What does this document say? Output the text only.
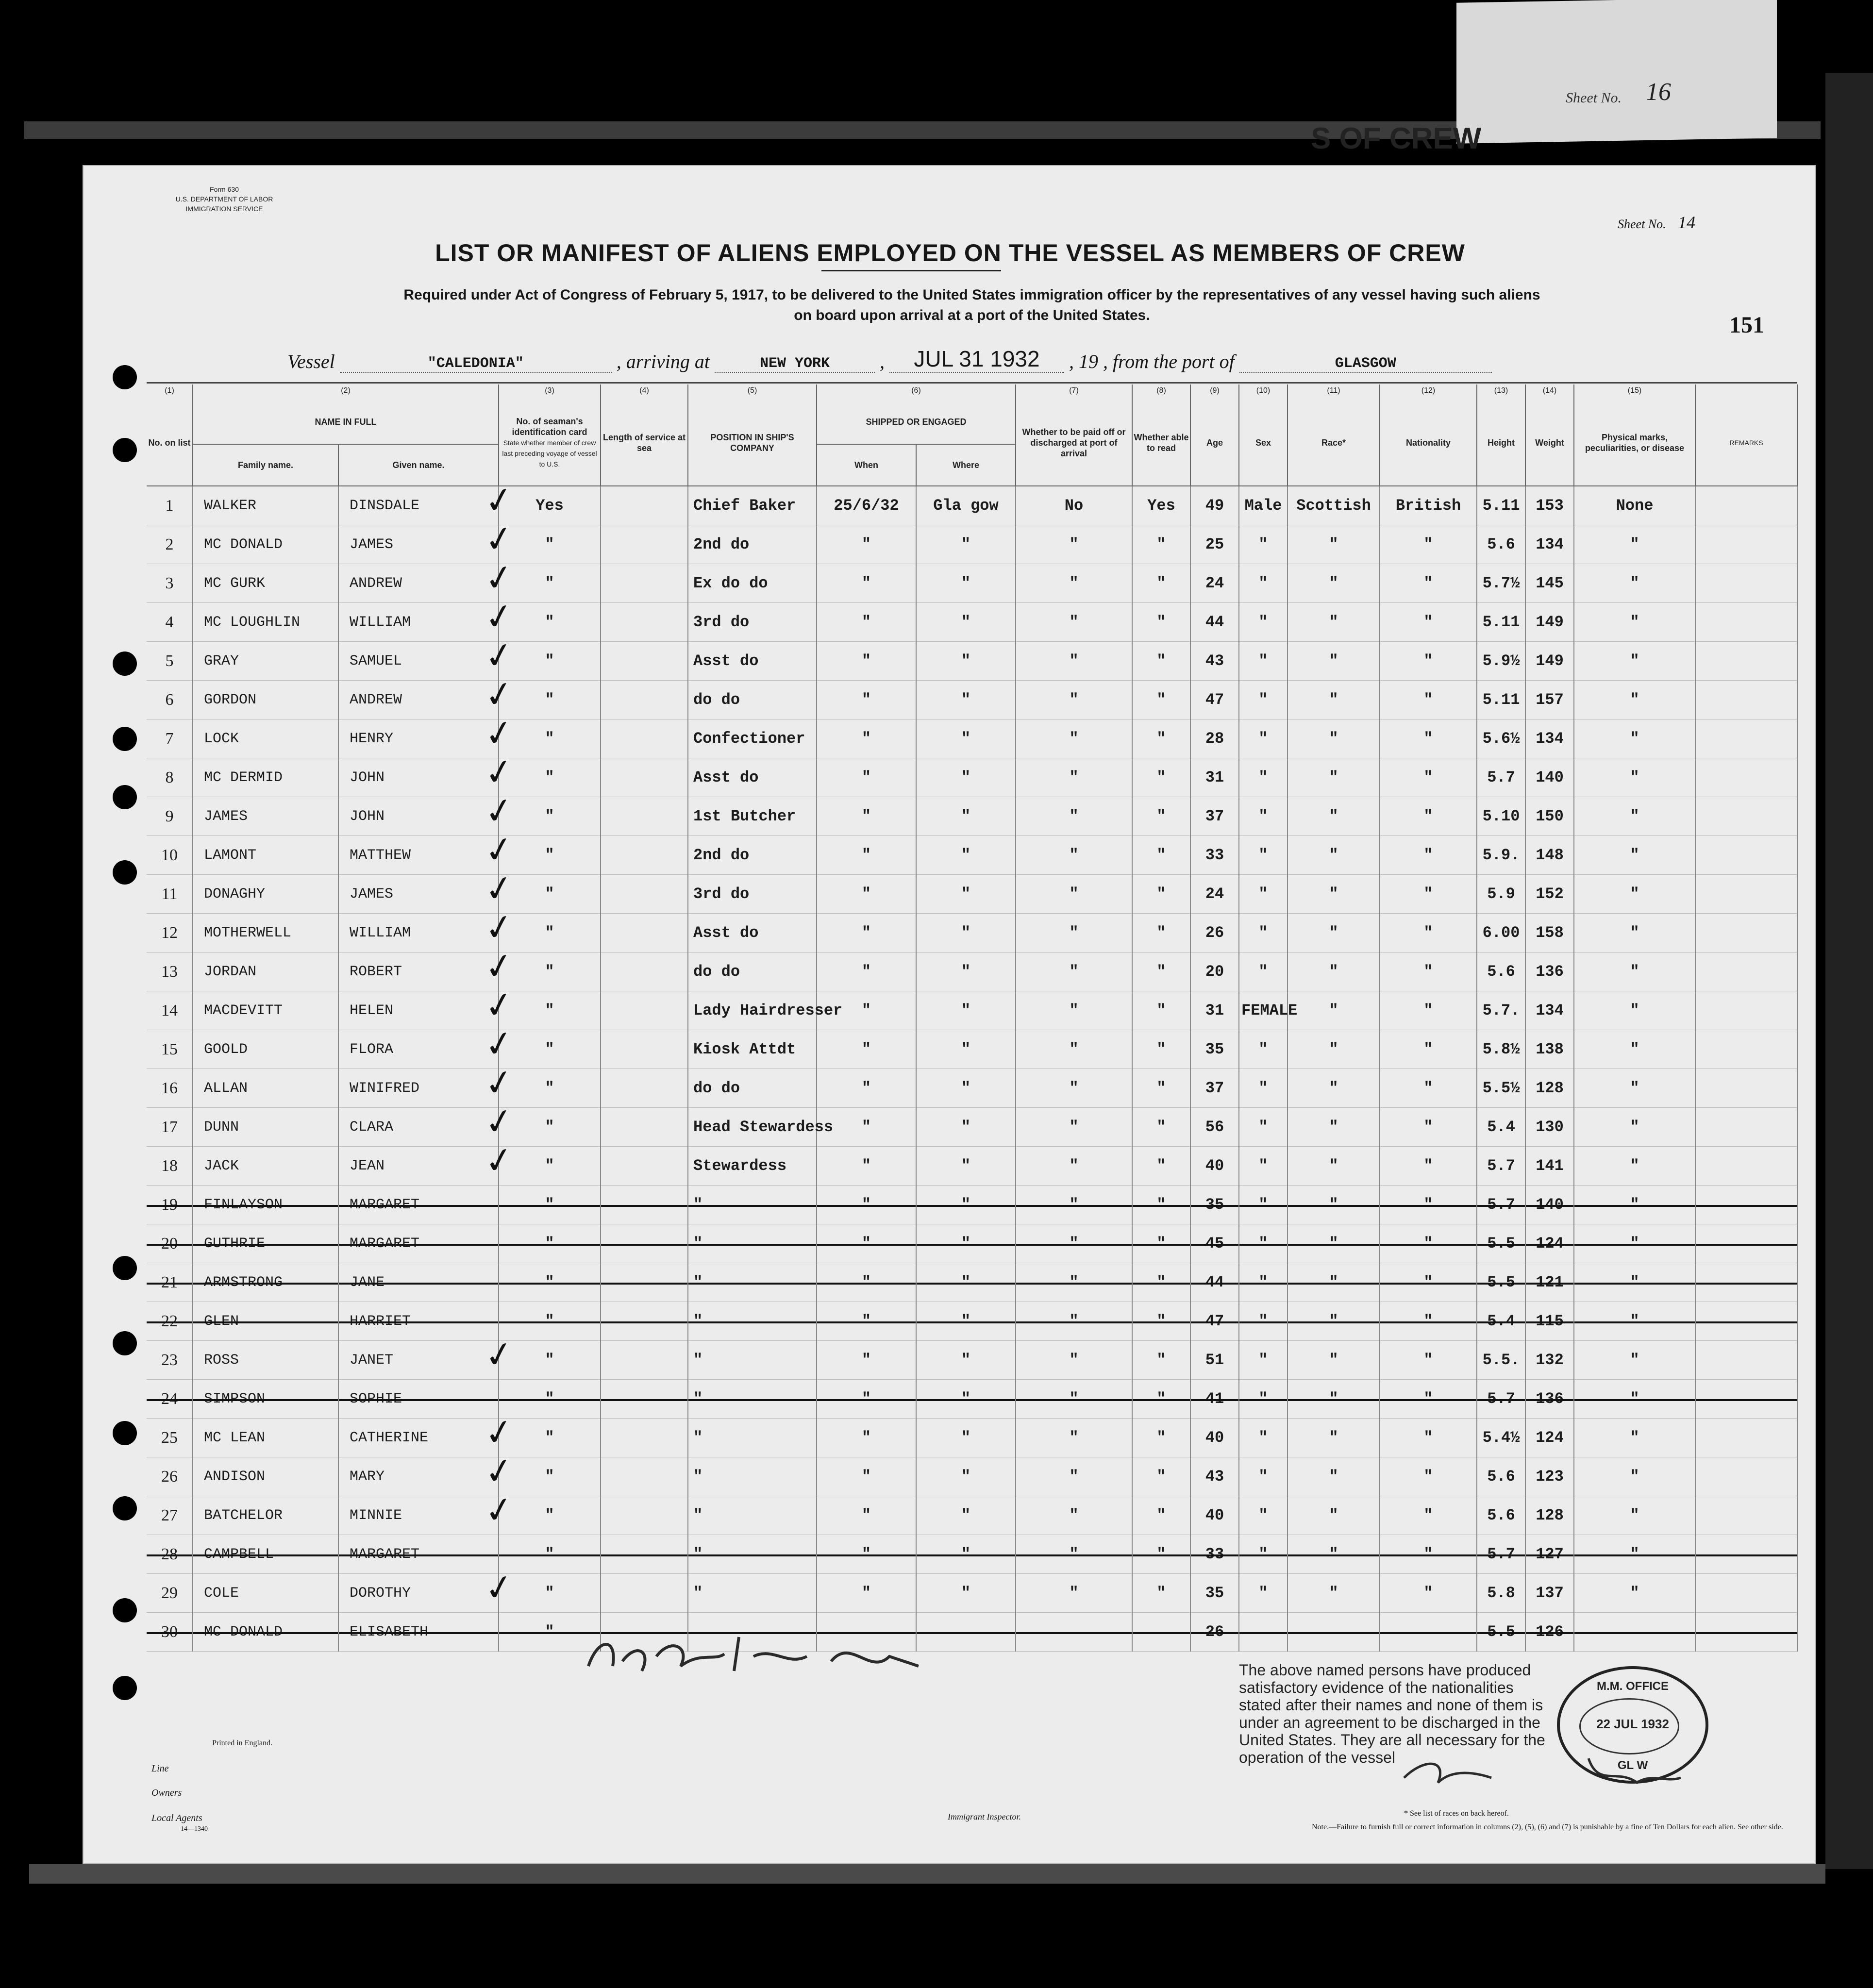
Sheet No. 16
S OF CREW
Form 630
U.S. DEPARTMENT OF LABOR
IMMIGRATION SERVICE
Sheet No. 14
LIST OR MANIFEST OF ALIENS EMPLOYED ON THE VESSEL AS MEMBERS OF CREW
Required under Act of Congress of February 5, 1917, to be delivered to the United States immigration officer by the representatives of any vessel having such aliens
on board upon arrival at a port of the United States.	151
Vessel	"CALEDONIA"	, arriving at	NEW YORK	, JUL 31 1932 , 19 , from the port of	GLASGOW
(1)	(2)		(3)	(4)	(5)	(6)		(7)	(8)	(9)	(10)	(11)	(12)	(13)	(14)	(15)	
No. on list	NAME IN FULL		No. of seaman's identification card
State whether member of crew last preceding voyage of vessel to U.S.	Length of service at sea	POSITION IN SHIP'S COMPANY	SHIPPED OR ENGAGED		Whether to be paid off or discharged at port of arrival	Whether able to read	Age	Sex	Race*	Nationality	Height	Weight	Physical marks, peculiarities, or disease	REMARKS
	Family name.	Given name.				When	Where										
1	WALKER	DINSDALE	✓ Yes		Chief Baker	25/6/32	Gla gow	No	Yes	49	Male	Scottish	British	5.11	153	None	
2	MC DONALD	JAMES	✓ "		2nd do	"	"	"	"	25	"	"	"	5.6	134	"	
3	MC GURK	ANDREW	✓ "		Ex do do	"	"	"	"	24	"	"	"	5.7½	145	"	
4	MC LOUGHLIN	WILLIAM	✓ "		3rd do	"	"	"	"	44	"	"	"	5.11	149	"	
5	GRAY	SAMUEL	✓ "		Asst do	"	"	"	"	43	"	"	"	5.9½	149	"	
6	GORDON	ANDREW	✓ "		do do	"	"	"	"	47	"	"	"	5.11	157	"	
7	LOCK	HENRY	✓ "		Confectioner	"	"	"	"	28	"	"	"	5.6½	134	"	
8	MC DERMID	JOHN	✓ "		Asst do	"	"	"	"	31	"	"	"	5.7	140	"	
9	JAMES	JOHN	✓ "		1st Butcher	"	"	"	"	37	"	"	"	5.10	150	"	
10	LAMONT	MATTHEW	✓ "		2nd do	"	"	"	"	33	"	"	"	5.9.	148	"	
11	DONAGHY	JAMES	✓ "		3rd do	"	"	"	"	24	"	"	"	5.9	152	"	
12	MOTHERWELL	WILLIAM	✓ "		Asst do	"	"	"	"	26	"	"	"	6.00	158	"	
13	JORDAN	ROBERT	✓ "		do do	"	"	"	"	20	"	"	"	5.6	136	"	
14	MACDEVITT	HELEN	✓ "		Lady Hairdresser	"	"	"	"	31	FEMALE	"	"	5.7.	134	"	
15	GOOLD	FLORA	✓ "		Kiosk Attdt	"	"	"	"	35	"	"	"	5.8½	138	"	
16	ALLAN	WINIFRED	✓ "		do do	"	"	"	"	37	"	"	"	5.5½	128	"	
17	DUNN	CLARA	✓ "		Head Stewardess	"	"	"	"	56	"	"	"	5.4	130	"	
18	JACK	JEAN	✓ "		Stewardess	"	"	"	"	40	"	"	"	5.7	141	"	
19	FINLAYSON	MARGARET	"		"	"	"	"	"	35	"	"	"	5.7	140	"	
20	GUTHRIE	MARGARET	"		"	"	"	"	"	45	"	"	"	5.5	124	"	
21	ARMSTRONG	JANE	"		"	"	"	"	"	44	"	"	"	5.5	121	"	
22	GLEN	HARRIET	"		"	"	"	"	"	47	"	"	"	5.4	115	"	
23	ROSS	JANET	✓ "		"	"	"	"	"	51	"	"	"	5.5.	132	"	
24	SIMPSON	SOPHIE	"		"	"	"	"	"	41	"	"	"	5.7	136	"	
25	MC LEAN	CATHERINE	✓ "		"	"	"	"	"	40	"	"	"	5.4½	124	"	
26	ANDISON	MARY	✓ "		"	"	"	"	"	43	"	"	"	5.6	123	"	
27	BATCHELOR	MINNIE	✓ "		"	"	"	"	"	40	"	"	"	5.6	128	"	
28	CAMPBELL	MARGARET	"		"	"	"	"	"	33	"	"	"	5.7	127	"	
29	COLE	DOROTHY	✓ "		"	"	"	"	"	35	"	"	"	5.8	137	"	
30	MC DONALD	ELISABETH	"							26				5.5	126		
Printed in England.
Line
Owners
Local Agents
14—1340
Immigrant Inspector.
The above named persons have produced satisfactory evidence of the nationalities stated after their names and none of them is under an agreement to be discharged in the United States. They are all necessary for the operation of the vessel
M.M. OFFICE
22 JUL 1932
GL W
* See list of races on back hereof.
Note.—Failure to furnish full or correct information in columns (2), (5), (6) and (7) is punishable by a fine of Ten Dollars for each alien. See other side.
